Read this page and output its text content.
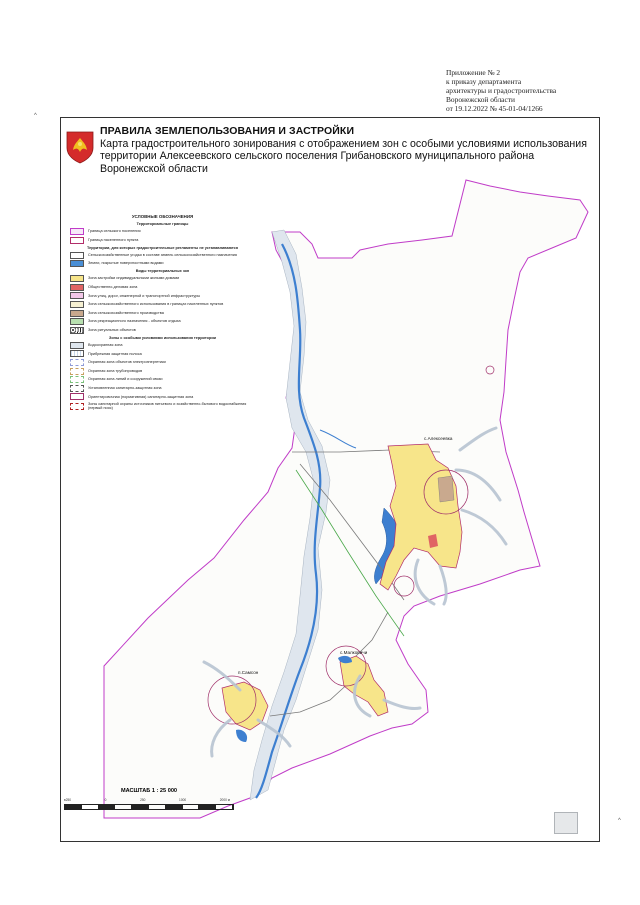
Приложение № 2
к приказу департамента
архитектуры и градостроительства
Воронежской области
от 19.12.2022 № 45-01-04/1266
^
^
с.Алексеевка
п.Самсон
с.Малковичи
ПРАВИЛА ЗЕМЛЕПОЛЬЗОВАНИЯ И ЗАСТРОЙКИ
Карта градостроительного зонирования с отображением зон с особыми условиями использования
территории Алексеевского сельского поселения Грибановского муниципального района
Воронежской области
УСЛОВНЫЕ ОБОЗНАЧЕНИЯ
Территориальные границы
Граница сельского поселения
Граница населенного пункта
Территории, для которых градостроительные регламенты не устанавливаются
Сельскохозяйственные угодья в составе земель сельскохозяйственного назначения
Земли, покрытые поверхностными водами
Виды территориальных зон
Зона застройки индивидуальными жилыми домами
Общественно-деловая зона
Зона улиц, дорог, инженерной и транспортной инфраструктуры
Зона сельскохозяйственного использования в границах населенных пунктов
Зона сельскохозяйственного производства
Зона рекреационного назначения - объектов отдыха
Зона ритуальных объектов
Зоны с особыми условиями использования территории
Водоохранная зона
Прибрежная защитная полоса
Охранная зона объектов электроэнергетики
Охранная зона трубопроводов
Охранная зона линий и сооружений связи
Установленная санитарно-защитная зона
Ориентировочная (нормативная) санитарно-защитная зона
Зоны санитарной охраны источников питьевого и хозяйственно-бытового водоснабжения (первый пояс)
МАСШТАБ 1 : 25 000
в250	0	250	1000	2000 м
